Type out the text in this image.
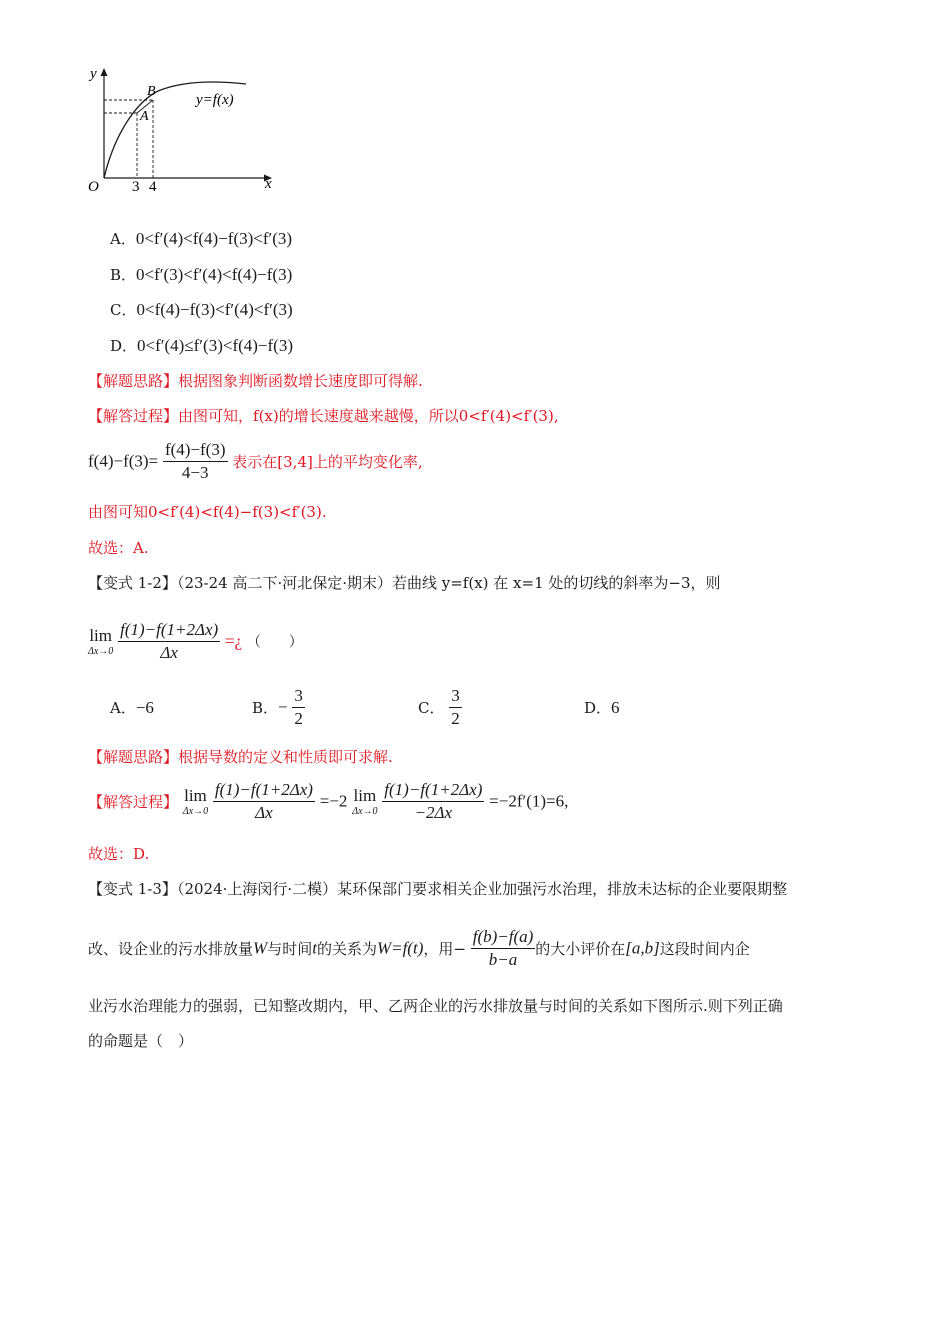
y
x
O
A
B
y=f(x)
3 4
A．0<f′(4)<f(4)−f(3)<f′(3)
B．0<f′(3)<f′(4)<f(4)−f(3)
C．0<f(4)−f(3)<f′(4)<f′(3)
D．0<f′(4)≤f′(3)<f(4)−f(3)
【解题思路】根据图象判断函数增长速度即可得解.
【解答过程】由图可知，f(x)的增长速度越来越慢，所以0<f′(4)<f′(3),
$f(4)-f(3)= \frac{f(4)-f(3)}{4-3}$ 表示在[3,4]上的平均变化率,
由图可知0<f′(4)<f(4)−f(3)<f′(3).
故选：A.
【变式 1-2】（23-24 高二下·河北保定·期末）若曲线 y=f(x) 在 x=1 处的切线的斜率为−3，则
lim
Δx→0
$\frac{f(1)-f(1+2\Delta x)}{\Delta x}$ =¿ （　　）
A．−6	B．− $\frac{3}{2}$	C． $\frac{3}{2}$	D．6
【解题思路】根据导数的定义和性质即可求解.
【解答过程】 lim
Δx→0
$\frac{f(1)-f(1+2\Delta x)}{\Delta x} =-2$ lim
Δx→0
$\frac{f(1)-f(1+2\Delta x)}{-2\Delta x} =-2f'(1)=6$,
故选：D.
【变式 1-3】（2024·上海闵行·二模）某环保部门要求相关企业加强污水治理，排放未达标的企业要限期整
改、设企业的污水排放量W与时间t的关系为W=f(t)，用− $\frac{f(b)-f(a)}{b-a}$ 的大小评价在[a,b]这段时间内企
业污水治理能力的强弱，已知整改期内，甲、乙两企业的污水排放量与时间的关系如下图所示.则下列正确
的命题是（　）
